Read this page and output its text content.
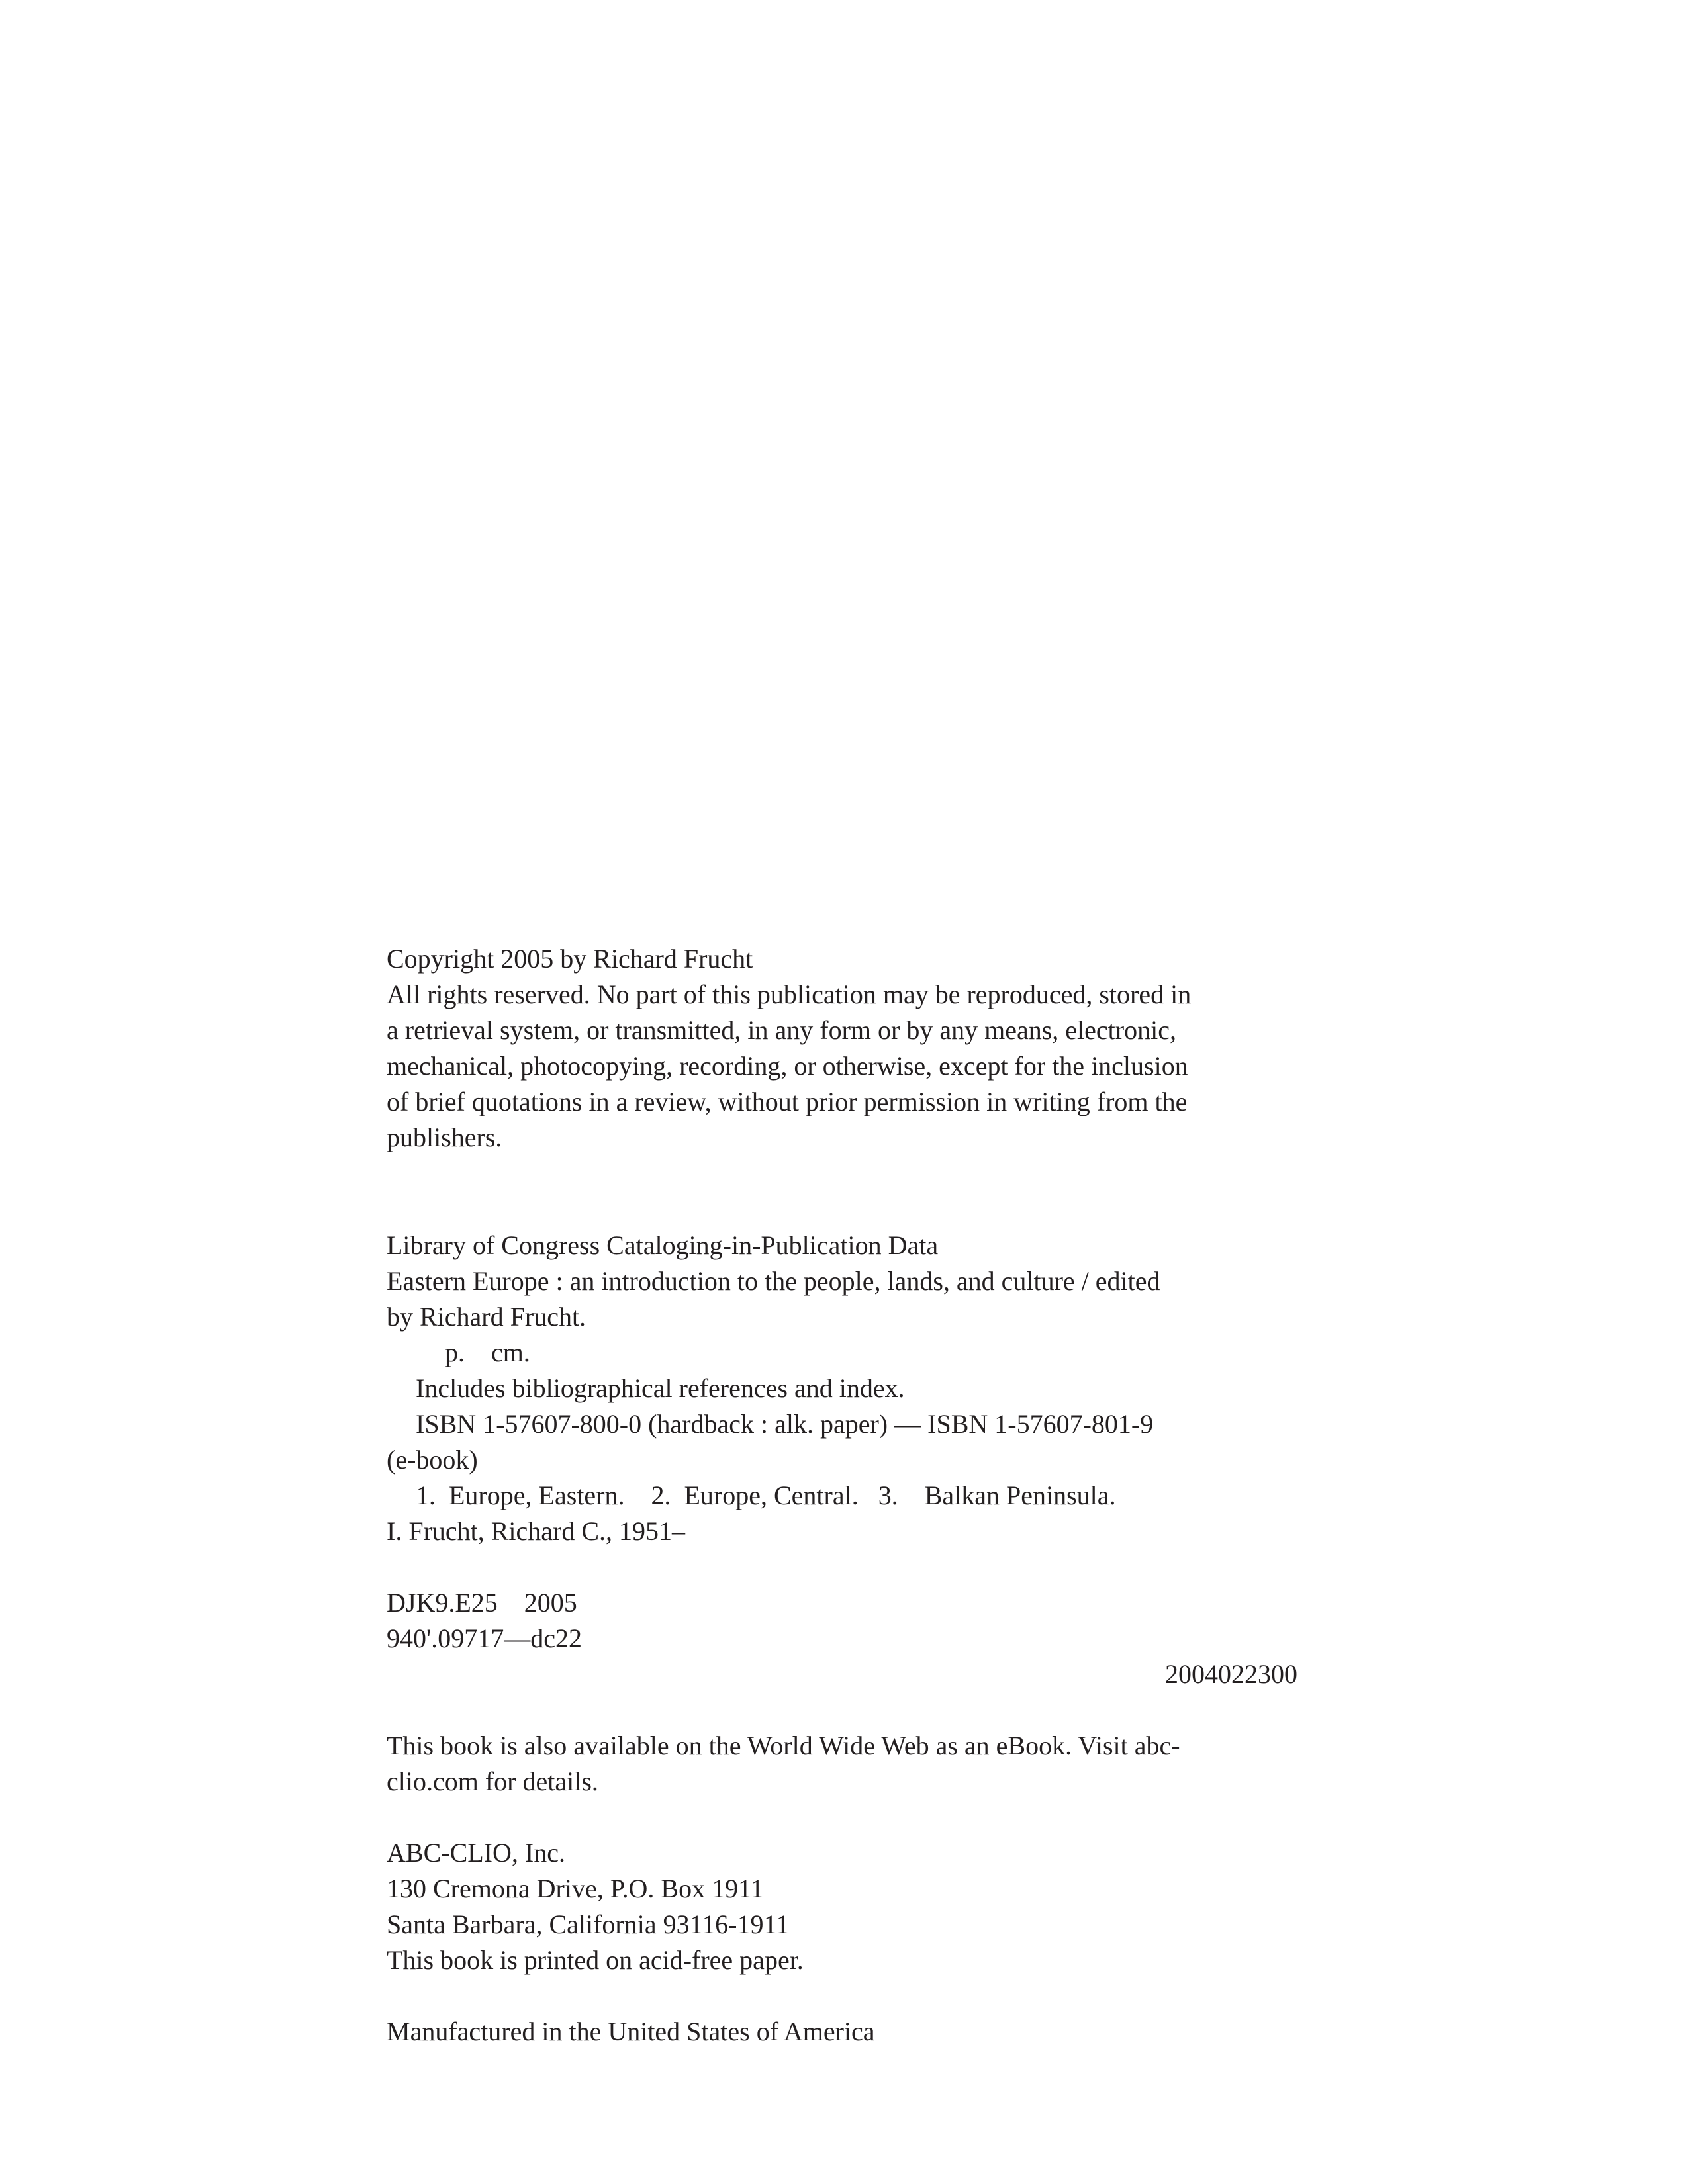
Copyright 2005 by Richard Frucht
All rights reserved. No part of this publication may be reproduced, stored in
a retrieval system, or transmitted, in any form or by any means, electronic,
mechanical, photocopying, recording, or otherwise, except for the inclusion
of brief quotations in a review, without prior permission in writing from the
publishers.
Library of Congress Cataloging-in-Publication Data
Eastern Europe : an introduction to the people, lands, and culture / edited
by Richard Frucht.
p.    cm.
Includes bibliographical references and index.
ISBN 1-57607-800-0 (hardback : alk. paper) — ISBN 1-57607-801-9
(e-book)
1.  Europe, Eastern.    2.  Europe, Central.   3.    Balkan Peninsula.
I. Frucht, Richard C., 1951–
DJK9.E25    2005
940'.09717—dc22
2004022300
This book is also available on the World Wide Web as an eBook. Visit abc-
clio.com for details.
ABC-CLIO, Inc.
130 Cremona Drive, P.O. Box 1911
Santa Barbara, California 93116-1911
This book is printed on acid-free paper.
Manufactured in the United States of America
